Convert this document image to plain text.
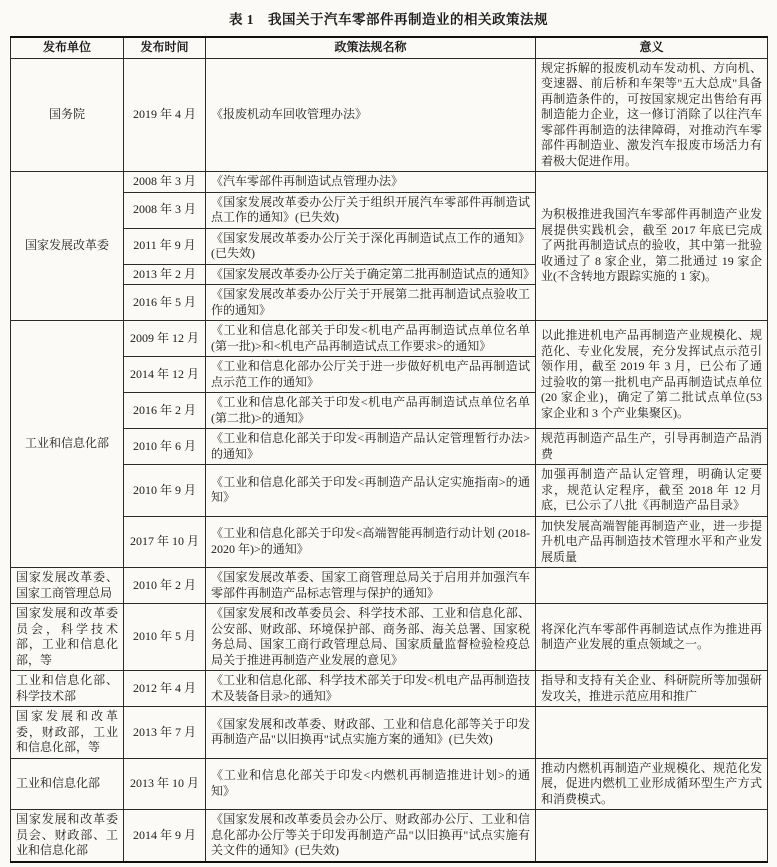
表 1　我国关于汽车零部件再制造业的相关政策法规
发布单位	发布时间	政策法规名称	意义
国务院	2019 年 4 月	《报废机动车回收管理办法》	规定拆解的报废机动车发动机、方向机、变速器、前后桥和车架等"五大总成"具备再制造条件的，可按国家规定出售给有再制造能力企业，这一修订消除了以往汽车零部件再制造的法律障碍，对推动汽车零部件再制造业、激发汽车报废市场活力有着极大促进作用。
国家发展改革委	2008 年 3 月	《汽车零部件再制造试点管理办法》	为积极推进我国汽车零部件再制造产业发展提供实践机会，截至 2017 年底已完成了两批再制造试点的验收，其中第一批验收通过了 8 家企业，第二批通过 19 家企业(不含转地方跟踪实施的 1 家)。
	2008 年 3 月	《国家发展改革委办公厅关于组织开展汽车零部件再制造试点工作的通知》(已失效)	
	2011 年 9 月	《国家发展改革委办公厅关于深化再制造试点工作的通知》(已失效)	
	2013 年 2 月	《国家发展改革委办公厅关于确定第二批再制造试点的通知》	
	2016 年 5 月	《国家发展改革委办公厅关于开展第二批再制造试点验收工作的通知》	
工业和信息化部	2009 年 12 月	《工业和信息化部关于印发<机电产品再制造试点单位名单 (第一批)>和<机电产品再制造试点工作要求>的通知》	以此推进机电产品再制造产业规模化、规范化、专业化发展，充分发挥试点示范引领作用，截至 2019 年 3 月，已公布了通过验收的第一批机电产品再制造试点单位(20 家企业)，确定了第二批试点单位(53 家企业和 3 个产业集聚区)。
	2014 年 12 月	《工业和信息化部办公厅关于进一步做好机电产品再制造试点示范工作的通知》	
	2016 年 2 月	《工业和信息化部关于印发<机电产品再制造试点单位名单 (第二批)>的通知》	
	2010 年 6 月	《工业和信息化部关于印发<再制造产品认定管理暂行办法>的通知》	规范再制造产品生产，引导再制造产品消费
	2010 年 9 月	《工业和信息化部关于印发<再制造产品认定实施指南>的通知》	加强再制造产品认定管理，明确认定要求，规范认定程序，截至 2018 年 12 月底，已公示了八批《再制造产品目录》
	2017 年 10 月	《工业和信息化部关于印发<高端智能再制造行动计划 (2018-2020 年)>的通知》	加快发展高端智能再制造产业，进一步提升机电产品再制造技术管理水平和产业发展质量
国家发展改革委、国家工商管理总局	2010 年 2 月	《国家发展改革委、国家工商管理总局关于启用并加强汽车零部件再制造产品标志管理与保护的通知》	
国家发展和改革委员会，科学技术部，工业和信息化部，等	2010 年 5 月	《国家发展和改革委员会、科学技术部、工业和信息化部、公安部、财政部、环境保护部、商务部、海关总署、国家税务总局、国家工商行政管理总局、国家质量监督检验检疫总局关于推进再制造产业发展的意见》	将深化汽车零部件再制造试点作为推进再制造产业发展的重点领域之一。
工业和信息化部、科学技术部	2012 年 4 月	《工业和信息化部、科学技术部关于印发<机电产品再制造技术及装备目录>的通知》	指导和支持有关企业、科研院所等加强研发攻关，推进示范应用和推广
国家发展和改革委，财政部，工业和信息化部，等	2013 年 7 月	《国家发展和改革委、财政部、工业和信息化部等关于印发再制造产品"以旧换再"试点实施方案的通知》(已失效)	
工业和信息化部	2013 年 10 月	《工业和信息化部关于印发<内燃机再制造推进计划>的通知》	推动内燃机再制造产业规模化、规范化发展，促进内燃机工业形成循环型生产方式和消费模式。
国家发展和改革委员会、财政部、工业和信息化部	2014 年 9 月	《国家发展和改革委员会办公厅、财政部办公厅、工业和信息化部办公厅等关于印发再制造产品"以旧换再"试点实施有关文件的通知》(已失效)	
